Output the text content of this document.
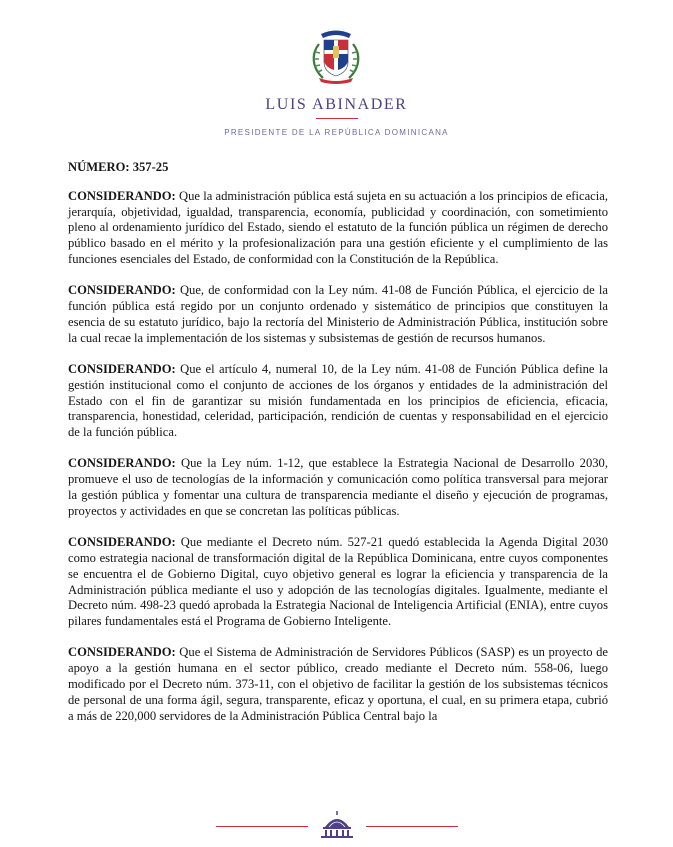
LUIS ABINADER
PRESIDENTE DE LA REPÚBLICA DOMINICANA

NÚMERO: 357-25

CONSIDERANDO: Que la administración pública está sujeta en su actuación a los principios de eficacia, jerarquía, objetividad, igualdad, transparencia, economía, publicidad y coordinación, con sometimiento pleno al ordenamiento jurídico del Estado, siendo el estatuto de la función pública un régimen de derecho público basado en el mérito y la profesionalización para una gestión eficiente y el cumplimiento de las funciones esenciales del Estado, de conformidad con la Constitución de la República.

CONSIDERANDO: Que, de conformidad con la Ley núm. 41-08 de Función Pública, el ejercicio de la función pública está regido por un conjunto ordenado y sistemático de principios que constituyen la esencia de su estatuto jurídico, bajo la rectoría del Ministerio de Administración Pública, institución sobre la cual recae la implementación de los sistemas y subsistemas de gestión de recursos humanos.

CONSIDERANDO: Que el artículo 4, numeral 10, de la Ley núm. 41-08 de Función Pública define la gestión institucional como el conjunto de acciones de los órganos y entidades de la administración del Estado con el fin de garantizar su misión fundamentada en los principios de eficiencia, eficacia, transparencia, honestidad, celeridad, participación, rendición de cuentas y responsabilidad en el ejercicio de la función pública.

CONSIDERANDO: Que la Ley núm. 1-12, que establece la Estrategia Nacional de Desarrollo 2030, promueve el uso de tecnologías de la información y comunicación como política transversal para mejorar la gestión pública y fomentar una cultura de transparencia mediante el diseño y ejecución de programas, proyectos y actividades en que se concretan las políticas públicas.

CONSIDERANDO: Que mediante el Decreto núm. 527-21 quedó establecida la Agenda Digital 2030 como estrategia nacional de transformación digital de la República Dominicana, entre cuyos componentes se encuentra el de Gobierno Digital, cuyo objetivo general es lograr la eficiencia y transparencia de la Administración pública mediante el uso y adopción de las tecnologías digitales. Igualmente, mediante el Decreto núm. 498-23 quedó aprobada la Estrategia Nacional de Inteligencia Artificial (ENIA), entre cuyos pilares fundamentales está el Programa de Gobierno Inteligente.

CONSIDERANDO: Que el Sistema de Administración de Servidores Públicos (SASP) es un proyecto de apoyo a la gestión humana en el sector público, creado mediante el Decreto núm. 558-06, luego modificado por el Decreto núm. 373-11, con el objetivo de facilitar la gestión de los subsistemas técnicos de personal de una forma ágil, segura, transparente, eficaz y oportuna, el cual, en su primera etapa, cubrió a más de 220,000 servidores de la Administración Pública Central bajo la
